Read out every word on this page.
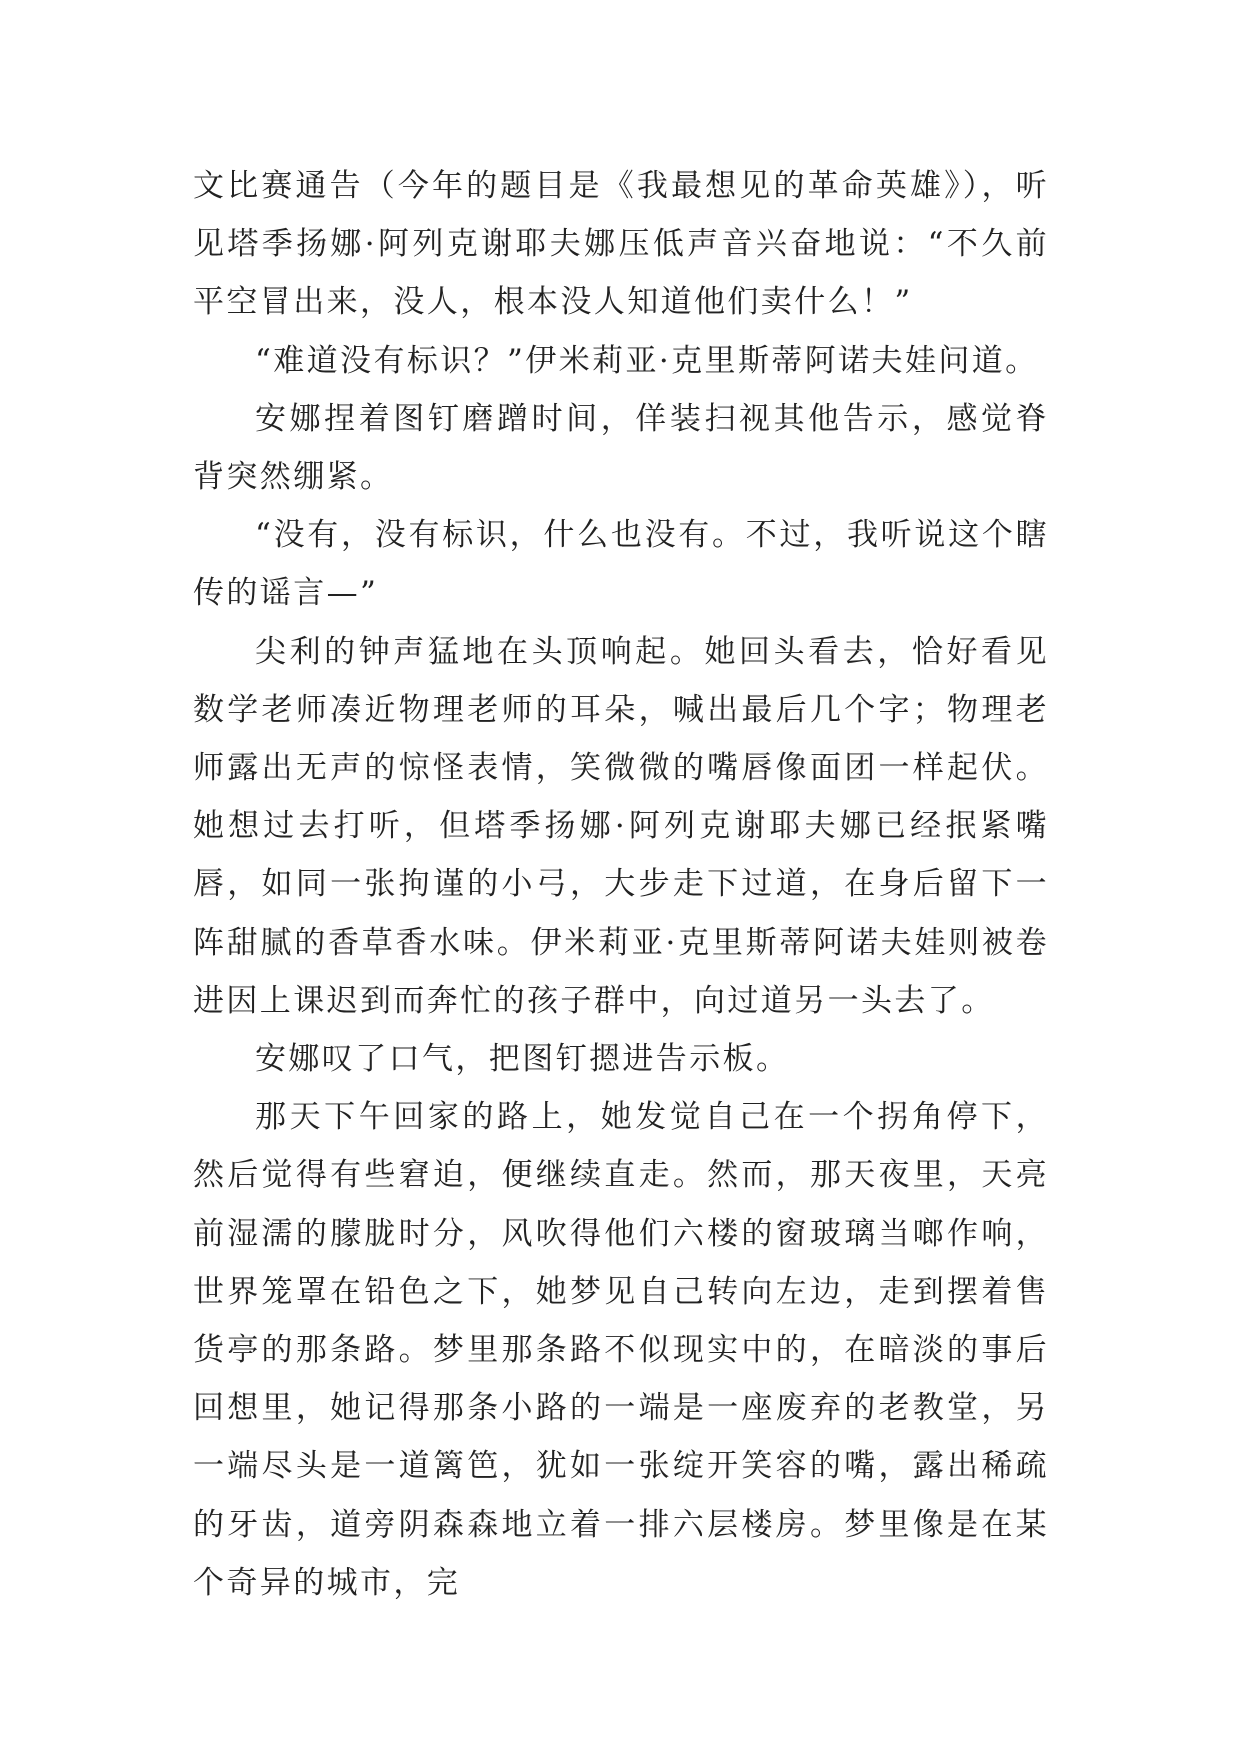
文比赛通告（今年的题目是《我最想见的革命英雄》），听见塔季扬娜·阿列克谢耶夫娜压低声音兴奋地说：“不久前平空冒出来，没人，根本没人知道他们卖什么！”

“难道没有标识？”伊米莉亚·克里斯蒂阿诺夫娃问道。

安娜捏着图钉磨蹭时间，佯装扫视其他告示，感觉脊背突然绷紧。

“没有，没有标识，什么也没有。不过，我听说这个瞎传的谣言—”

尖利的钟声猛地在头顶响起。她回头看去，恰好看见数学老师凑近物理老师的耳朵，喊出最后几个字；物理老师露出无声的惊怪表情，笑微微的嘴唇像面团一样起伏。她想过去打听，但塔季扬娜·阿列克谢耶夫娜已经抿紧嘴唇，如同一张拘谨的小弓，大步走下过道，在身后留下一阵甜腻的香草香水味。伊米莉亚·克里斯蒂阿诺夫娃则被卷进因上课迟到而奔忙的孩子群中，向过道另一头去了。

安娜叹了口气，把图钉摁进告示板。

那天下午回家的路上，她发觉自己在一个拐角停下，然后觉得有些窘迫，便继续直走。然而，那天夜里，天亮前湿濡的朦胧时分，风吹得他们六楼的窗玻璃当啷作响，世界笼罩在铅色之下，她梦见自己转向左边，走到摆着售货亭的那条路。梦里那条路不似现实中的，在暗淡的事后回想里，她记得那条小路的一端是一座废弃的老教堂，另一端尽头是一道篱笆，犹如一张绽开笑容的嘴，露出稀疏的牙齿，道旁阴森森地立着一排六层楼房。梦里像是在某个奇异的城市，完
